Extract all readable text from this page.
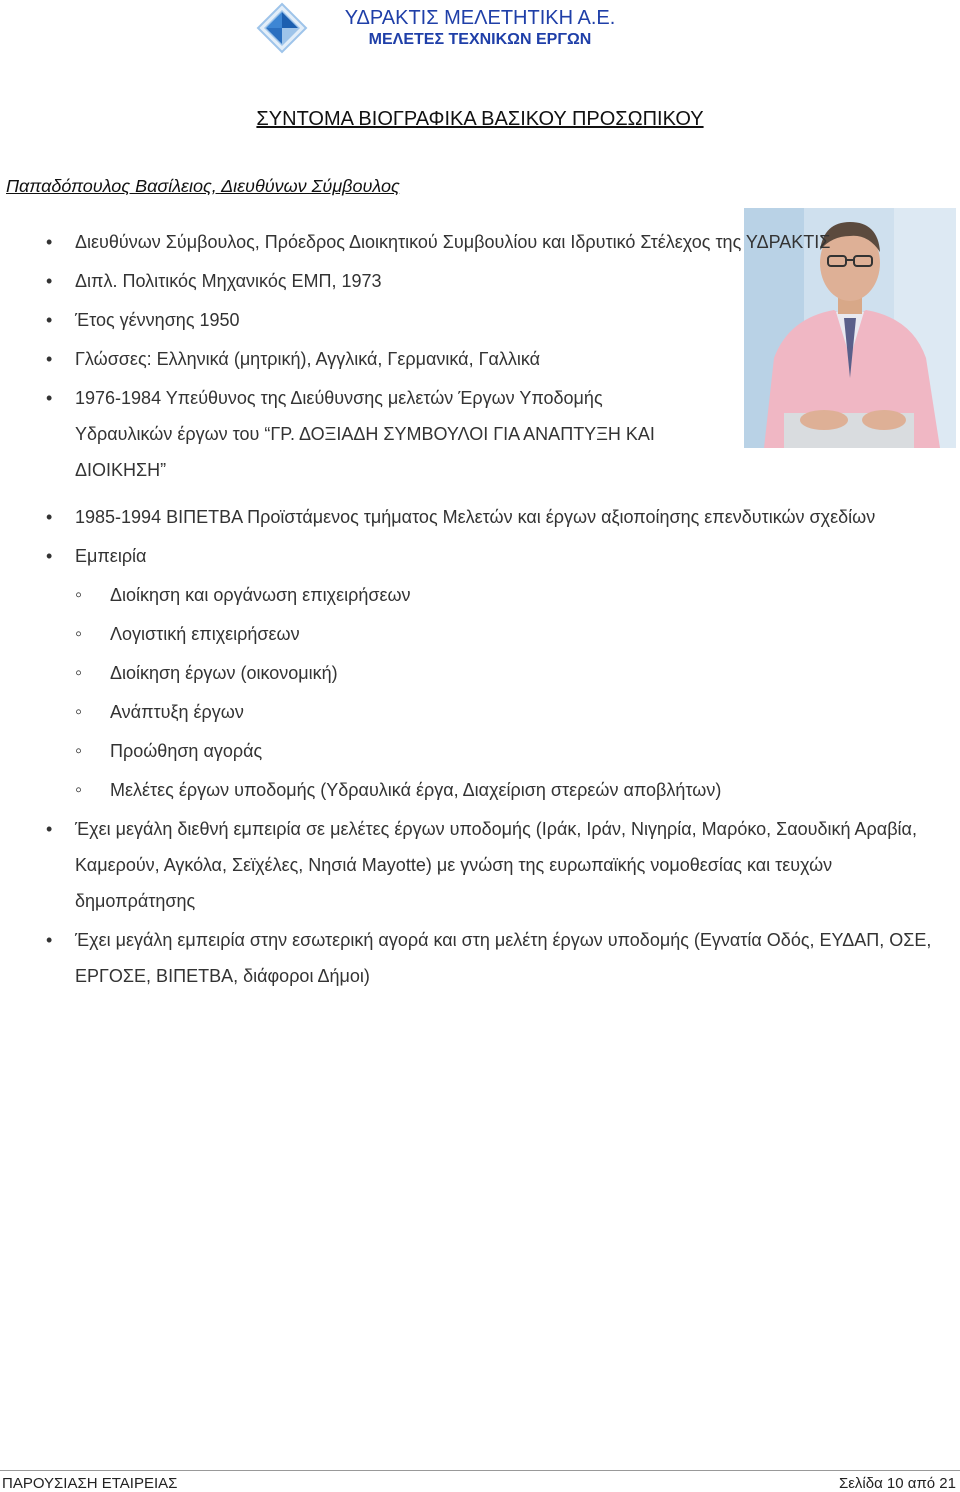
ΥΔΡΑΚΤΙΣ ΜΕΛΕΤΗΤΙΚΗ Α.Ε.
ΜΕΛΕΤΕΣ ΤΕΧΝΙΚΩΝ ΕΡΓΩΝ
ΣΥΝΤΟΜΑ ΒΙΟΓΡΑΦΙΚΑ ΒΑΣΙΚΟΥ ΠΡΟΣΩΠΙΚΟΥ
Παπαδόπουλος Βασίλειος, Διευθύνων Σύμβουλος
• Διευθύνων Σύμβουλος, Πρόεδρος Διοικητικού Συμβουλίου και Ιδρυτικό Στέλεχος της ΥΔΡΑΚΤΙΣ
• Διπλ. Πολιτικός Μηχανικός ΕΜΠ, 1973
• Έτος γέννησης 1950
• Γλώσσες: Ελληνικά (μητρική), Αγγλικά, Γερμανικά, Γαλλικά
• 1976-1984 Υπεύθυνος της Διεύθυνσης μελετών Έργων Υποδομής Υδραυλικών έργων του “ΓΡ. ΔΟΞΙΑΔΗ ΣΥΜΒΟΥΛΟΙ ΓΙΑ ΑΝΑΠΤΥΞΗ ΚΑΙ ΔΙΟΙΚΗΣΗ”
• 1985-1994 ΒΙΠΕΤΒΑ Προϊστάμενος τμήματος Μελετών και έργων αξιοποίησης επενδυτικών σχεδίων
• Εμπειρία
◦ Διοίκηση και οργάνωση επιχειρήσεων
◦ Λογιστική επιχειρήσεων
◦ Διοίκηση έργων (οικονομική)
◦ Ανάπτυξη έργων
◦ Προώθηση αγοράς
◦ Μελέτες έργων υποδομής (Υδραυλικά έργα, Διαχείριση στερεών αποβλήτων)
• Έχει μεγάλη διεθνή εμπειρία σε μελέτες έργων υποδομής (Ιράκ, Ιράν, Νιγηρία, Μαρόκο, Σαουδική Αραβία, Καμερούν, Αγκόλα, Σεϊχέλες, Νησιά Mayotte) με γνώση της ευρωπαϊκής νομοθεσίας και τευχών δημοπράτησης
• Έχει μεγάλη εμπειρία στην εσωτερική αγορά και στη μελέτη έργων υποδομής (Εγνατία Οδός, ΕΥΔΑΠ, ΟΣΕ, ΕΡΓΟΣΕ, ΒΙΠΕΤΒΑ, διάφοροι Δήμοι)
ΠΑΡΟΥΣΙΑΣΗ ΕΤΑΙΡΕΙΑΣ	Σελίδα 10 από 21
